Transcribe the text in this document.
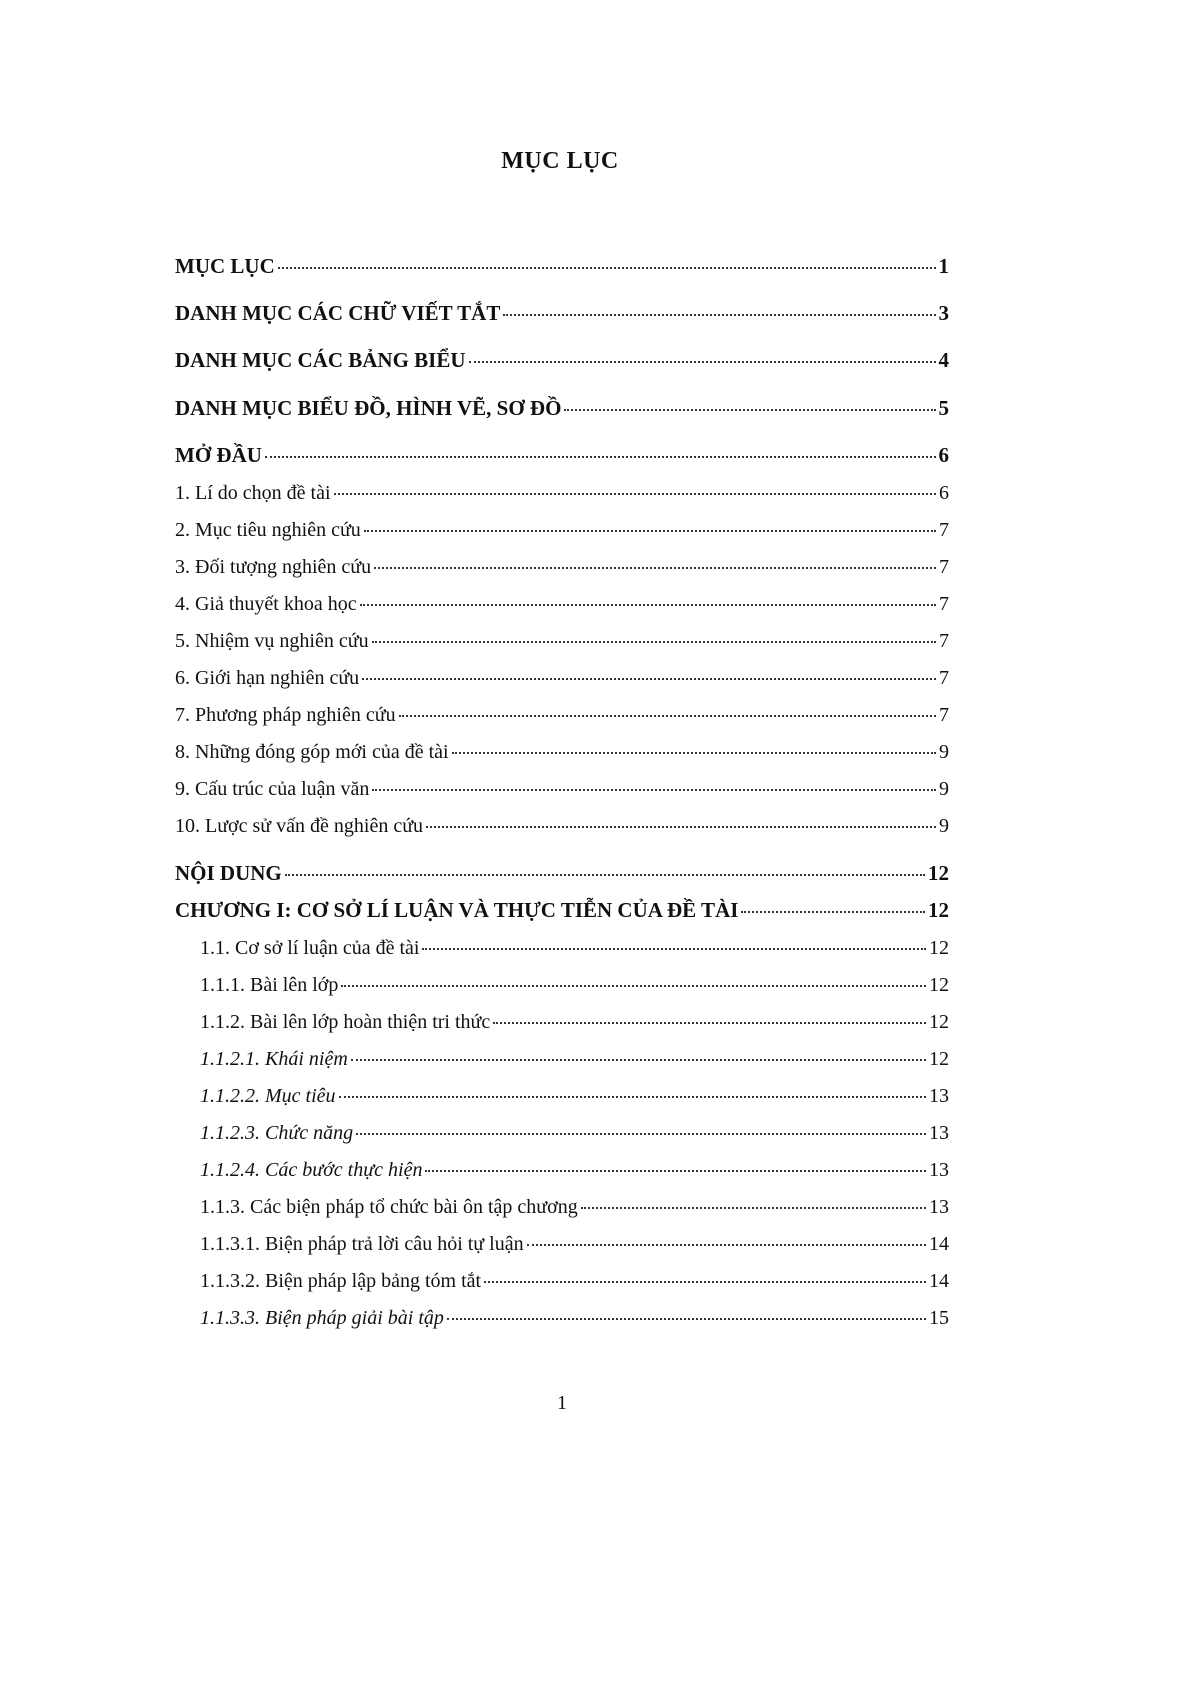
MỤC LỤC
MỤC LỤC	1
DANH MỤC CÁC CHỮ VIẾT TẮT	3
DANH MỤC CÁC BẢNG BIỂU	4
DANH MỤC BIỂU ĐỒ, HÌNH VẼ, SƠ ĐỒ	5
MỞ ĐẦU	6
1. Lí do chọn đề tài	6
2. Mục tiêu nghiên cứu	7
3. Đối tượng nghiên cứu	7
4. Giả thuyết khoa học	7
5. Nhiệm vụ nghiên cứu	7
6. Giới hạn nghiên cứu	7
7. Phương pháp nghiên cứu	7
8. Những đóng góp mới của đề tài	9
9. Cấu trúc của luận văn	9
10. Lược sử vấn đề nghiên cứu	9
NỘI DUNG	12
CHƯƠNG I: CƠ SỞ LÍ LUẬN VÀ THỰC TIỄN CỦA ĐỀ TÀI	12
1.1. Cơ sở lí luận của đề tài	12
1.1.1. Bài lên lớp	12
1.1.2. Bài lên lớp hoàn thiện tri thức	12
1.1.2.1. Khái niệm	12
1.1.2.2. Mục tiêu	13
1.1.2.3. Chức năng	13
1.1.2.4. Các bước thực hiện	13
1.1.3. Các biện pháp tổ chức bài ôn tập chương	13
1.1.3.1. Biện pháp trả lời câu hỏi tự luận	14
1.1.3.2. Biện pháp lập bảng tóm tắt	14
1.1.3.3. Biện pháp giải bài tập	15
1
